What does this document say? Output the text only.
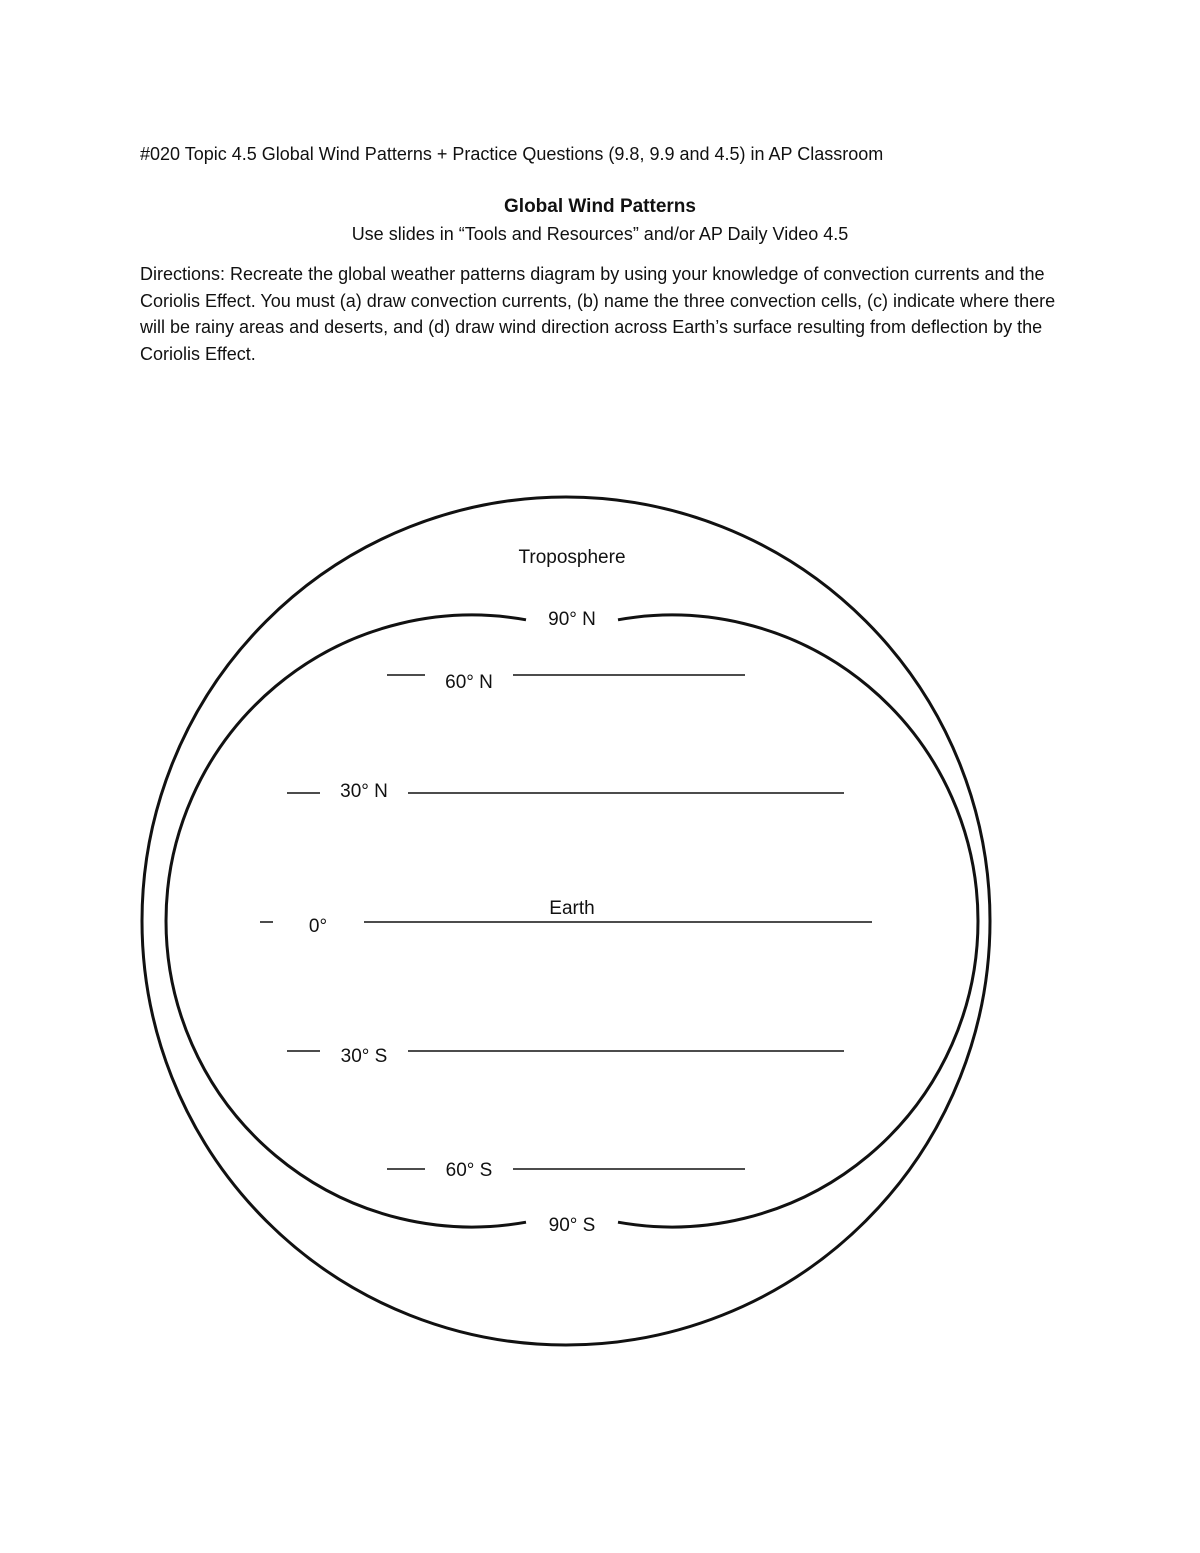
#020 Topic 4.5 Global Wind Patterns + Practice Questions (9.8, 9.9 and 4.5) in AP Classroom
Global Wind Patterns
Use slides in “Tools and Resources” and/or AP Daily Video 4.5
Directions: Recreate the global weather patterns diagram by using your knowledge of convection currents and the Coriolis Effect. You must (a) draw convection currents, (b) name the three convection cells, (c) indicate where there will be rainy areas and deserts, and (d) draw wind direction across Earth’s surface resulting from deflection by the Coriolis Effect.
Troposphere
90° N
60° N
30° N
0°
30° S
60° S
90° S
Earth
